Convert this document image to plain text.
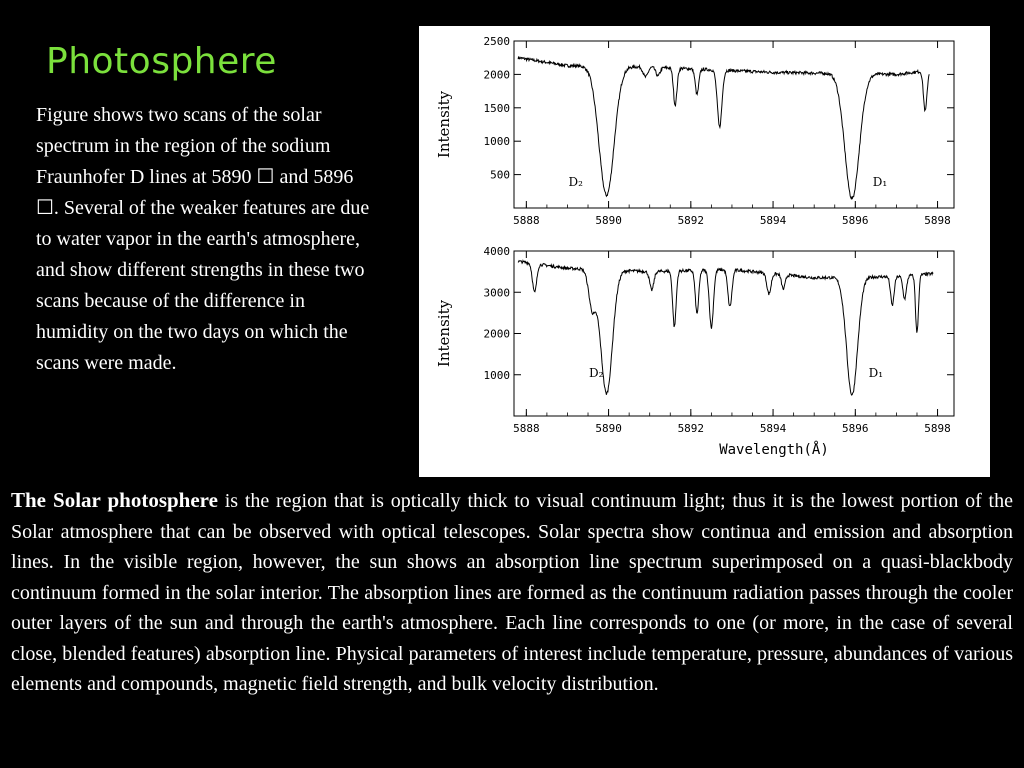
Photosphere
Figure shows two scans of the solar spectrum in the region of the sodium Fraunhofer D lines at 5890 ☐ and 5896 ☐. Several of the weaker features are due to water vapor in the earth's atmosphere, and show different strengths in these two scans because of the difference in humidity on the two days on which the scans were made.
5888	5890	5892	5894	5896	5898
500
1000
1500
2000
2500
Intensity
D₂	D₁
5888	5890	5892	5894	5896	5898
1000
2000
3000
4000
Intensity
Wavelength(Å)
D₂	D₁

The Solar photosphere is the region that is optically thick to visual continuum light; thus it is the lowest portion of the Solar atmosphere that can be observed with optical telescopes. Solar spectra show continua and emission and absorption lines. In the visible region, however, the sun shows an absorption line spectrum superimposed on a quasi-blackbody continuum formed in the solar interior. The absorption lines are formed as the continuum radiation passes through the cooler outer layers of the sun and through the earth's atmosphere. Each line corresponds to one (or more, in the case of several close, blended features) absorption line. Physical parameters of interest include temperature, pressure, abundances of various elements and compounds, magnetic field strength, and bulk velocity distribution.
